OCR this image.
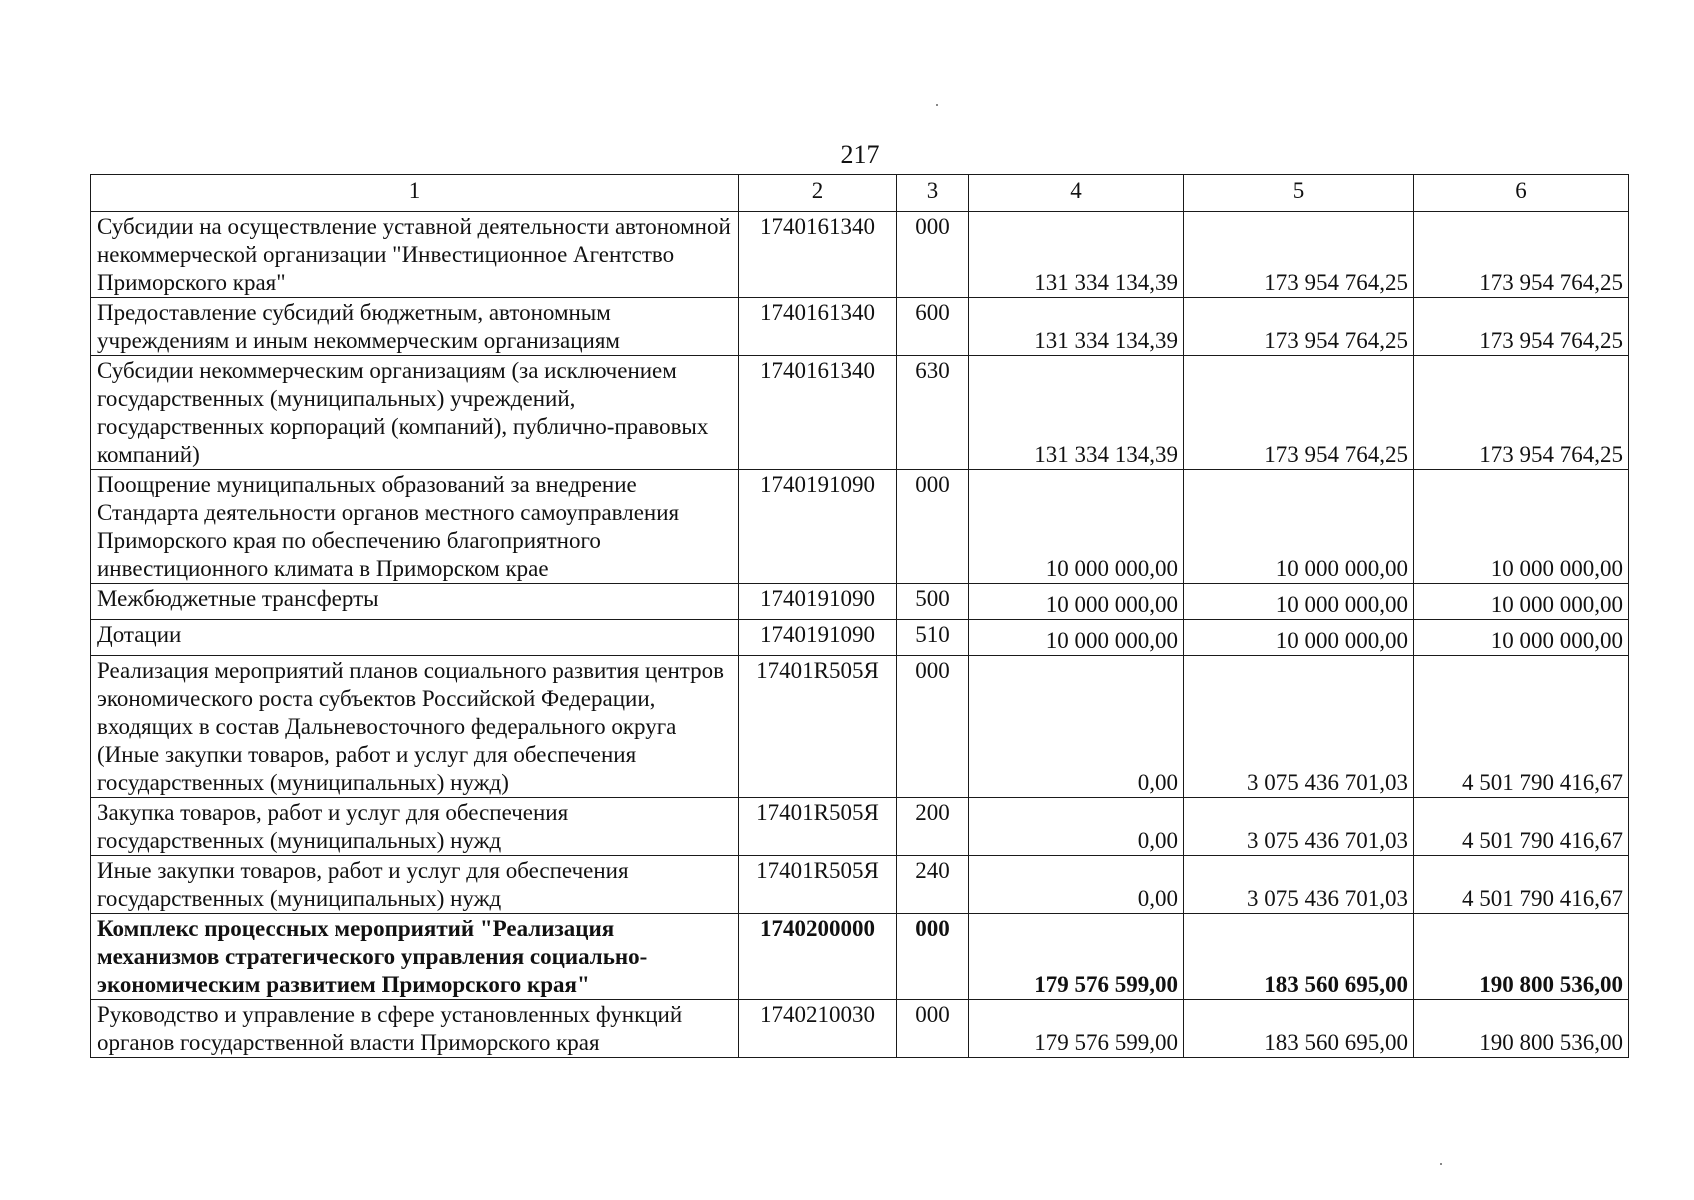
217
1	2	3	4	5	6
Субсидии на осуществление уставной деятельности автономной некоммерческой организации "Инвестиционное Агентство Приморского края"	1740161340	000	131 334 134,39	173 954 764,25	173 954 764,25
Предоставление субсидий бюджетным, автономным учреждениям и иным некоммерческим организациям	1740161340	600	131 334 134,39	173 954 764,25	173 954 764,25
Субсидии некоммерческим организациям (за исключением государственных (муниципальных) учреждений, государственных корпораций (компаний), публично-правовых компаний)	1740161340	630	131 334 134,39	173 954 764,25	173 954 764,25
Поощрение муниципальных образований за внедрение Стандарта деятельности органов местного самоуправления Приморского края по обеспечению благоприятного инвестиционного климата в Приморском крае	1740191090	000	10 000 000,00	10 000 000,00	10 000 000,00
Межбюджетные трансферты	1740191090	500	10 000 000,00	10 000 000,00	10 000 000,00
Дотации	1740191090	510	10 000 000,00	10 000 000,00	10 000 000,00
Реализация мероприятий планов социального развития центров экономического роста субъектов Российской Федерации, входящих в состав Дальневосточного федерального округа (Иные закупки товаров, работ и услуг для обеспечения государственных (муниципальных) нужд)	17401R505Я	000	0,00	3 075 436 701,03	4 501 790 416,67
Закупка товаров, работ и услуг для обеспечения государственных (муниципальных) нужд	17401R505Я	200	0,00	3 075 436 701,03	4 501 790 416,67
Иные закупки товаров, работ и услуг для обеспечения государственных (муниципальных) нужд	17401R505Я	240	0,00	3 075 436 701,03	4 501 790 416,67
Комплекс процессных мероприятий "Реализация механизмов стратегического управления социально-экономическим развитием Приморского края"	1740200000	000	179 576 599,00	183 560 695,00	190 800 536,00
Руководство и управление в сфере установленных функций органов государственной власти Приморского края	1740210030	000	179 576 599,00	183 560 695,00	190 800 536,00
